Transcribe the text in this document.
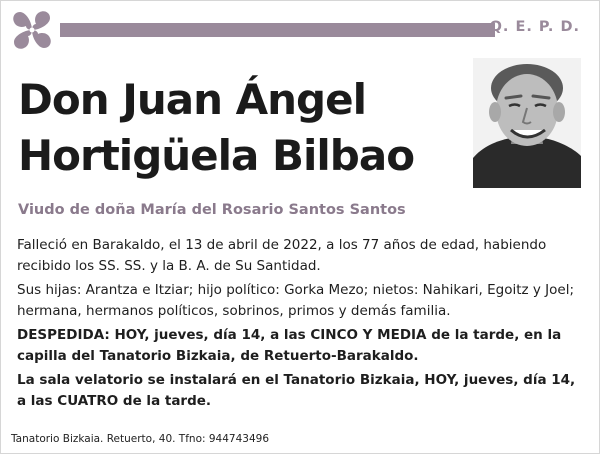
Q. E. P. D.
Don Juan Ángel
Hortigüela Bilbao
Viudo de doña María del Rosario Santos Santos

Falleció en Barakaldo, el 13 de abril de 2022, a los 77 años de edad, habiendo recibido los SS. SS. y la B. A. de Su Santidad.

Sus hijas: Arantza e Itziar; hijo político: Gorka Mezo; nietos: Nahikari, Egoitz y Joel; hermana, hermanos políticos, sobrinos, primos y demás familia.

DESPEDIDA: HOY, jueves, día 14, a las CINCO Y MEDIA de la tarde, en la capilla del Tanatorio Bizkaia, de Retuerto-Barakaldo.

La sala velatorio se instalará en el Tanatorio Bizkaia, HOY, jueves, día 14, a las CUATRO de la tarde.

Tanatorio Bizkaia. Retuerto, 40. Tfno: 944743496
